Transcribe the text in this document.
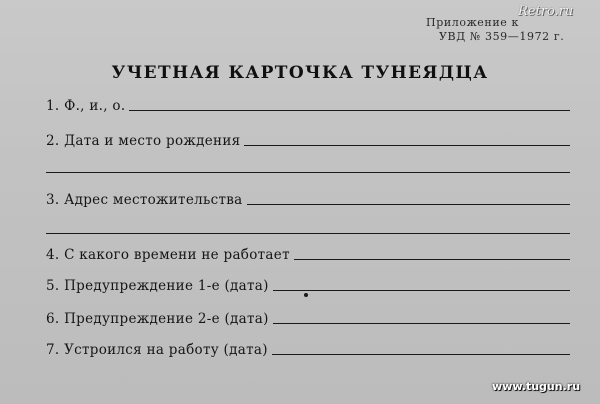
Retro.ru
Приложение к
УВД № 359—1972 г.
УЧЕТНАЯ КАРТОЧКА ТУНЕЯДЦА
1. Ф., и., о.
2. Дата и место рождения
3. Адрес местожительства
4. С какого времени не работает
5. Предупреждение 1-е (дата)
6. Предупреждение 2-е (дата)
7. Устроился на работу (дата)
www.tugun.ru
